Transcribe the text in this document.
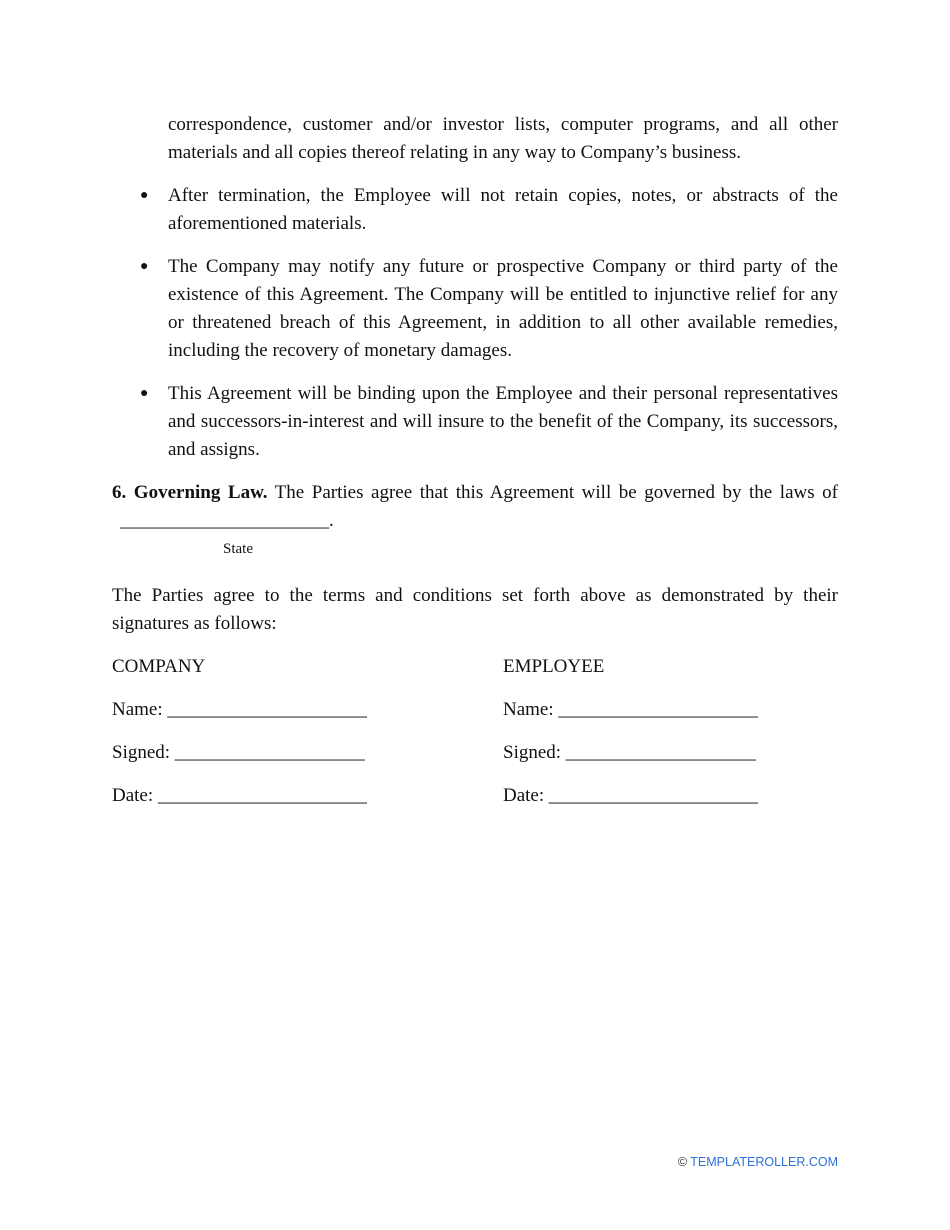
correspondence, customer and/or investor lists, computer programs, and all other materials and all copies thereof relating in any way to Company’s business.

● After termination, the Employee will not retain copies, notes, or abstracts of the aforementioned materials.
● The Company may notify any future or prospective Company or third party of the existence of this Agreement. The Company will be entitled to injunctive relief for any or threatened breach of this Agreement, in addition to all other available remedies, including the recovery of monetary damages.
● This Agreement will be binding upon the Employee and their personal representatives and successors-in-interest and will insure to the benefit of the Company, its successors, and assigns.

6. Governing Law. The Parties agree that this Agreement will be governed by the laws of______________________.

State

The Parties agree to the terms and conditions set forth above as demonstrated by their signatures as follows:

COMPANY
Name: _____________________
Signed: ____________________
Date: ______________________
EMPLOYEE
Name: _____________________
Signed: ____________________
Date: ______________________
© TEMPLATEROLLER.COM
